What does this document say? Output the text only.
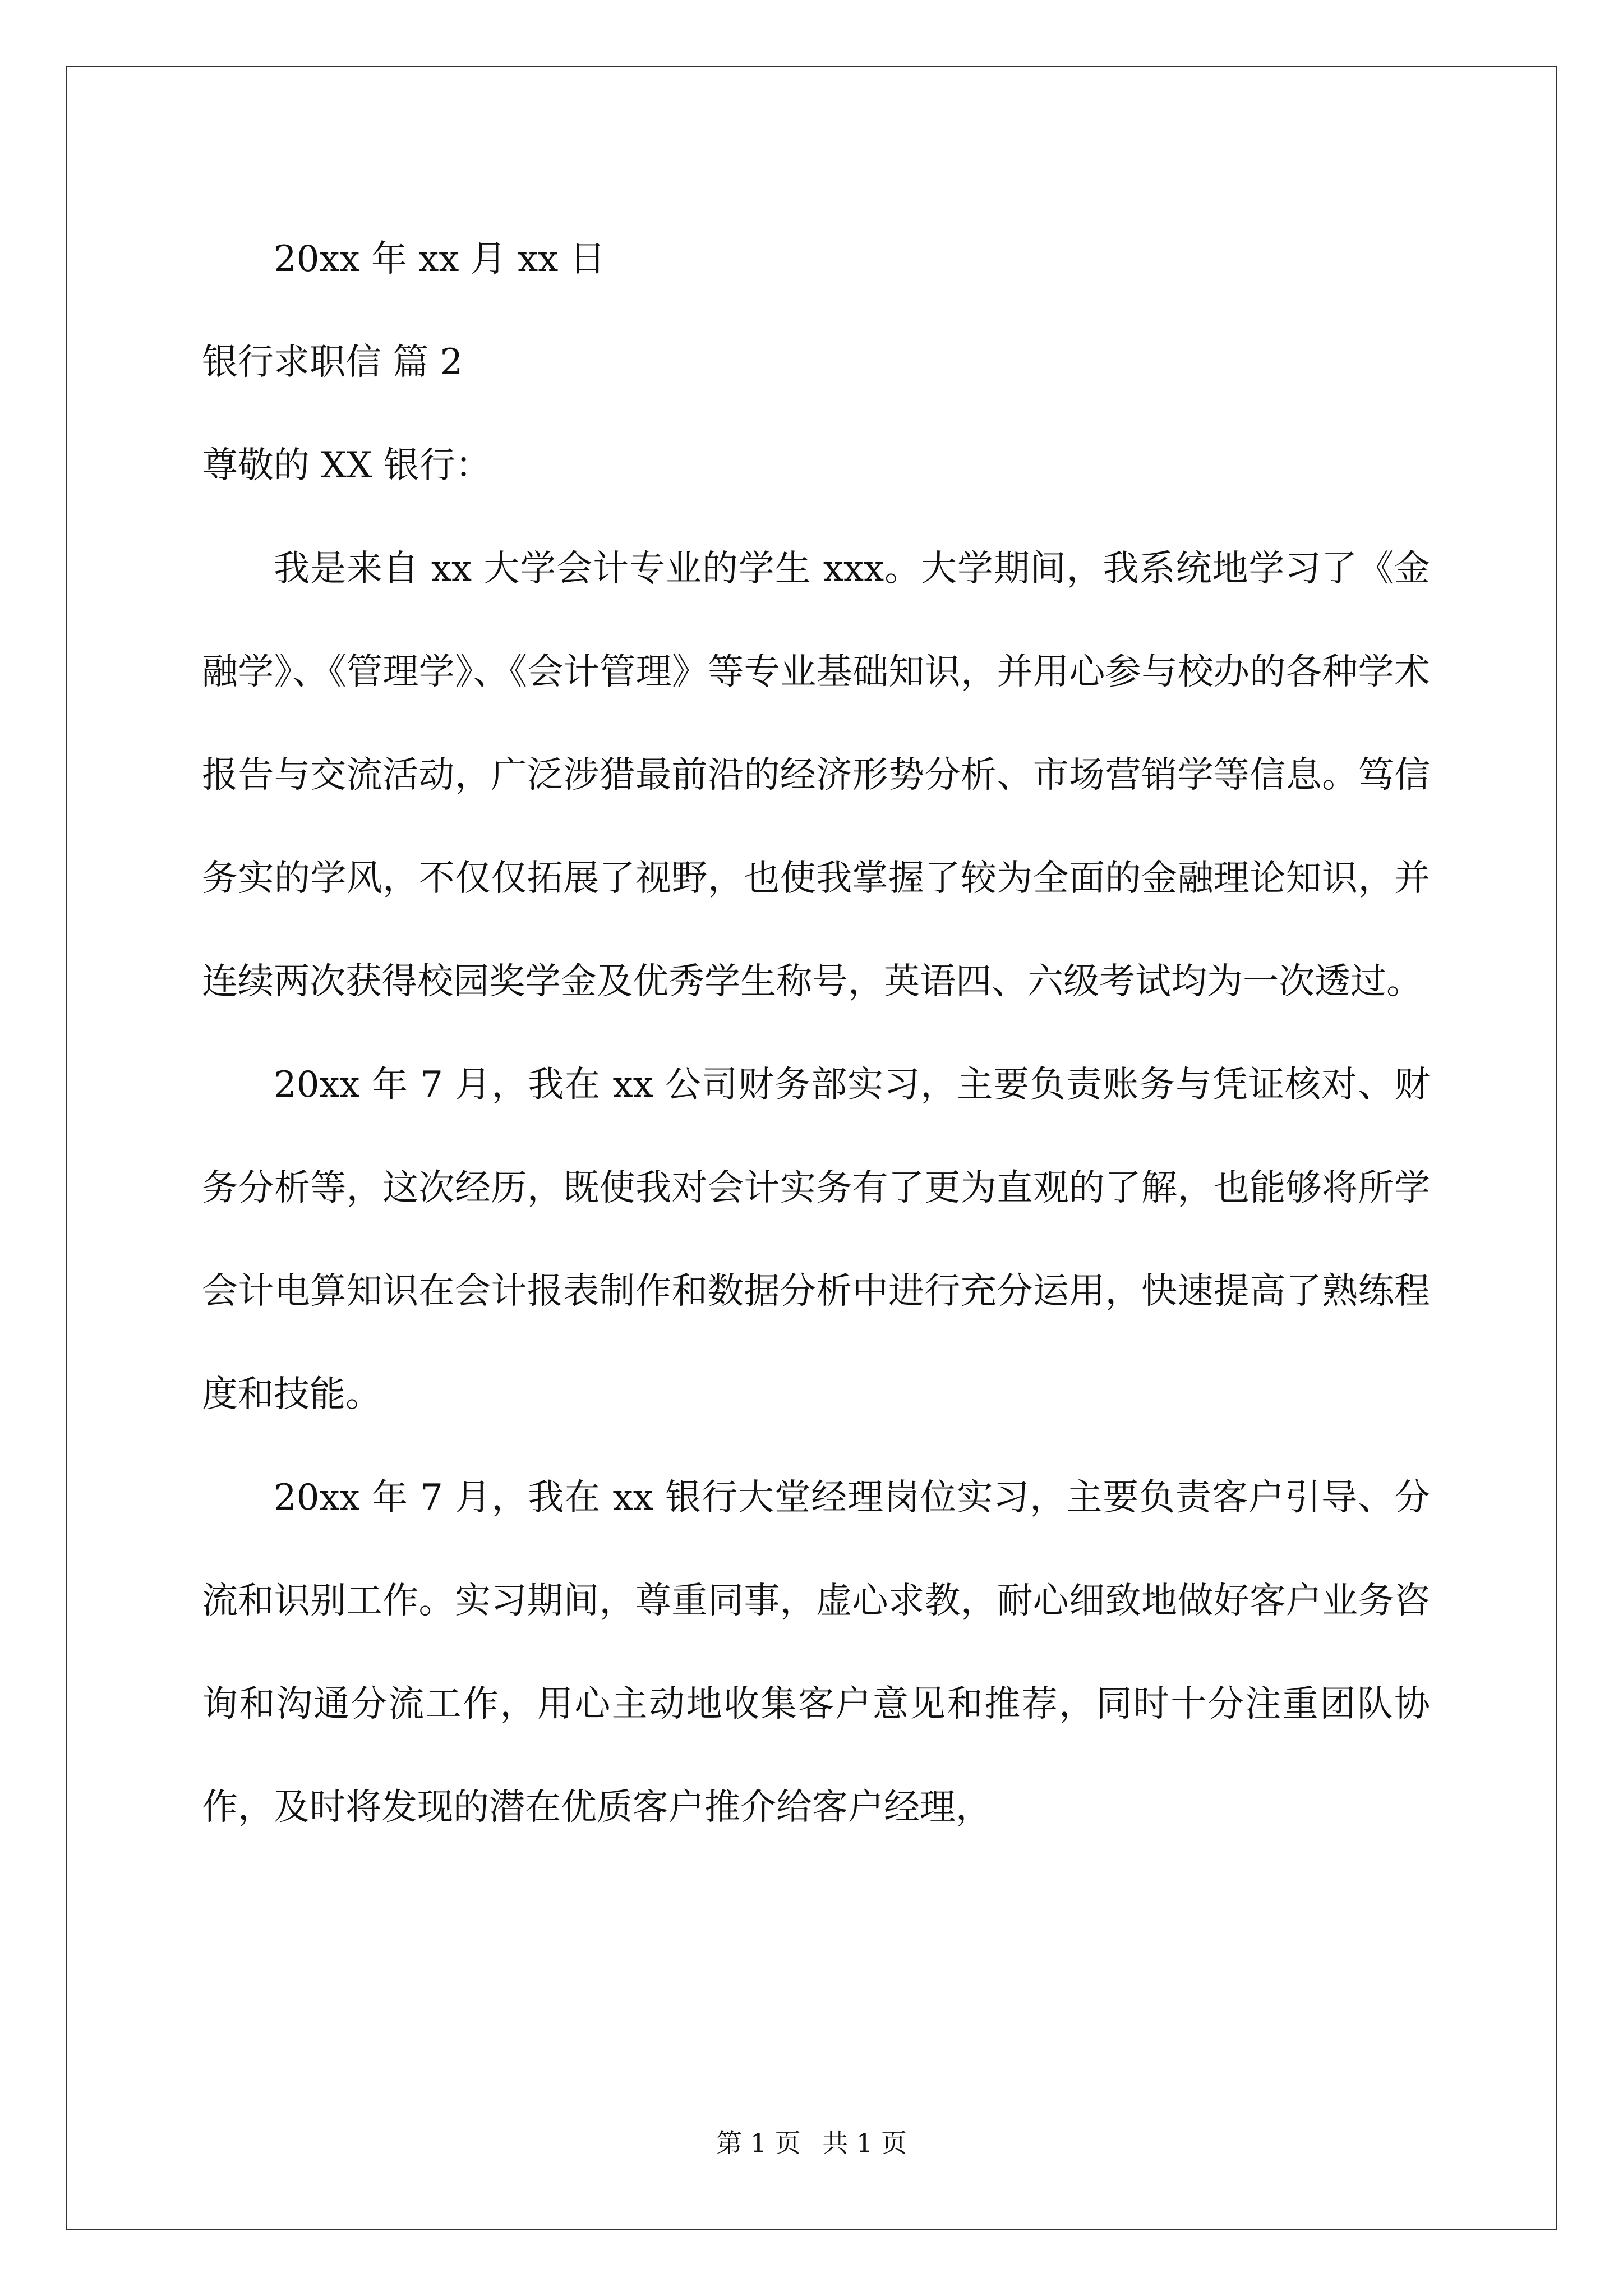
20xx 年 xx 月 xx 日
银行求职信 篇 2
尊敬的 XX 银行：

我是来自 xx 大学会计专业的学生 xxx。大学期间，我系统地学习了《金融学》、《管理学》、《会计管理》等专业基础知识，并用心参与校办的各种学术报告与交流活动，广泛涉猎最前沿的经济形势分析、市场营销学等信息。笃信务实的学风，不仅仅拓展了视野，也使我掌握了较为全面的金融理论知识，并连续两次获得校园奖学金及优秀学生称号，英语四、六级考试均为一次透过。

20xx 年 7 月，我在 xx 公司财务部实习，主要负责账务与凭证核对、财务分析等，这次经历，既使我对会计实务有了更为直观的了解，也能够将所学会计电算知识在会计报表制作和数据分析中进行充分运用，快速提高了熟练程度和技能。

20xx 年 7 月，我在 xx 银行大堂经理岗位实习，主要负责客户引导、分流和识别工作。实习期间，尊重同事，虚心求教，耐心细致地做好客户业务咨询和沟通分流工作，用心主动地收集客户意见和推荐，同时十分注重团队协作，及时将发现的潜在优质客户推介给客户经理，

第 1 页 共 1 页
